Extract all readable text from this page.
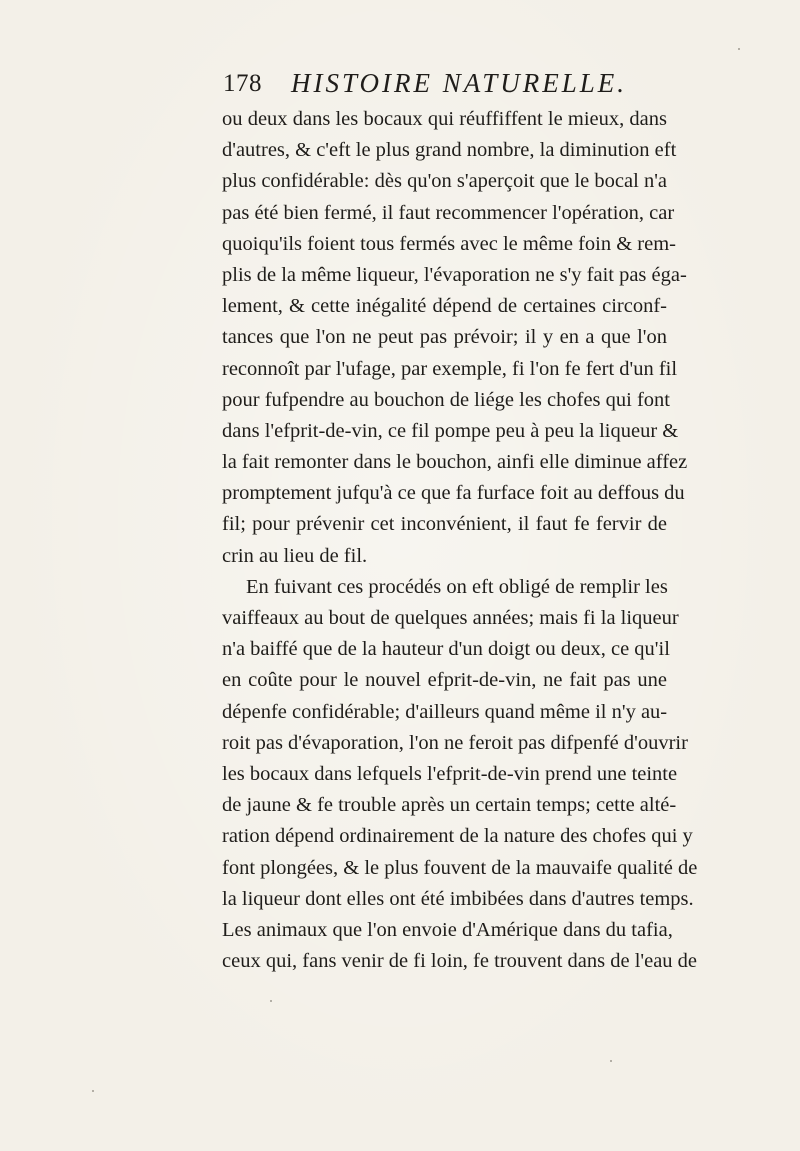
178 HISTOIRE NATURELLE.
ou deux dans les bocaux qui réuffiffent le mieux, dans
d'autres, & c'eft le plus grand nombre, la diminution eft
plus confidérable: dès qu'on s'aperçoit que le bocal n'a
pas été bien fermé, il faut recommencer l'opération, car
quoiqu'ils foient tous fermés avec le même foin & rem-
plis de la même liqueur, l'évaporation ne s'y fait pas éga-
lement, & cette inégalité dépend de certaines circonf-
tances que l'on ne peut pas prévoir; il y en a que l'on
reconnoît par l'ufage, par exemple, fi l'on fe fert d'un fil
pour fufpendre au bouchon de liége les chofes qui font
dans l'efprit-de-vin, ce fil pompe peu à peu la liqueur &
la fait remonter dans le bouchon, ainfi elle diminue affez
promptement jufqu'à ce que fa furface foit au deffous du
fil; pour prévenir cet inconvénient, il faut fe fervir de
crin au lieu de fil.
En fuivant ces procédés on eft obligé de remplir les
vaiffeaux au bout de quelques années; mais fi la liqueur
n'a baiffé que de la hauteur d'un doigt ou deux, ce qu'il
en coûte pour le nouvel efprit-de-vin, ne fait pas une
dépenfe confidérable; d'ailleurs quand même il n'y au-
roit pas d'évaporation, l'on ne feroit pas difpenfé d'ouvrir
les bocaux dans lefquels l'efprit-de-vin prend une teinte
de jaune & fe trouble après un certain temps; cette alté-
ration dépend ordinairement de la nature des chofes qui y
font plongées, & le plus fouvent de la mauvaife qualité de
la liqueur dont elles ont été imbibées dans d'autres temps.
Les animaux que l'on envoie d'Amérique dans du tafia,
ceux qui, fans venir de fi loin, fe trouvent dans de l'eau de
